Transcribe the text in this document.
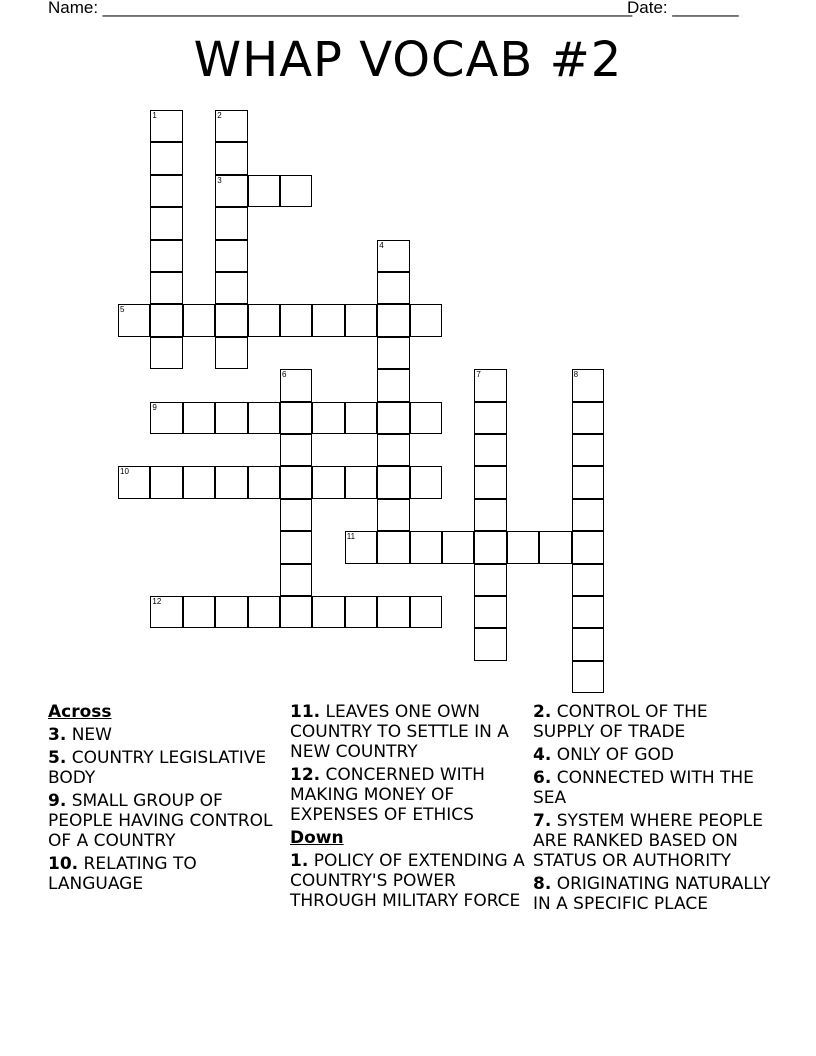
Name: ________________________________________________________
Date: _______
WHAP VOCAB #2
1	2
3
4
5
6	7	8
9
10
11
12
Across
3. NEW
5. COUNTRY LEGISLATIVE BODY
9. SMALL GROUP OF PEOPLE HAVING CONTROL OF A COUNTRY
10. RELATING TO LANGUAGE
11. LEAVES ONE OWN COUNTRY TO SETTLE IN A NEW COUNTRY
12. CONCERNED WITH MAKING MONEY OF EXPENSES OF ETHICS
Down
1. POLICY OF EXTENDING A COUNTRY'S POWER THROUGH MILITARY FORCE
2. CONTROL OF THE SUPPLY OF TRADE
4. ONLY OF GOD
6. CONNECTED WITH THE SEA
7. SYSTEM WHERE PEOPLE ARE RANKED BASED ON STATUS OR AUTHORITY
8. ORIGINATING NATURALLY IN A SPECIFIC PLACE
